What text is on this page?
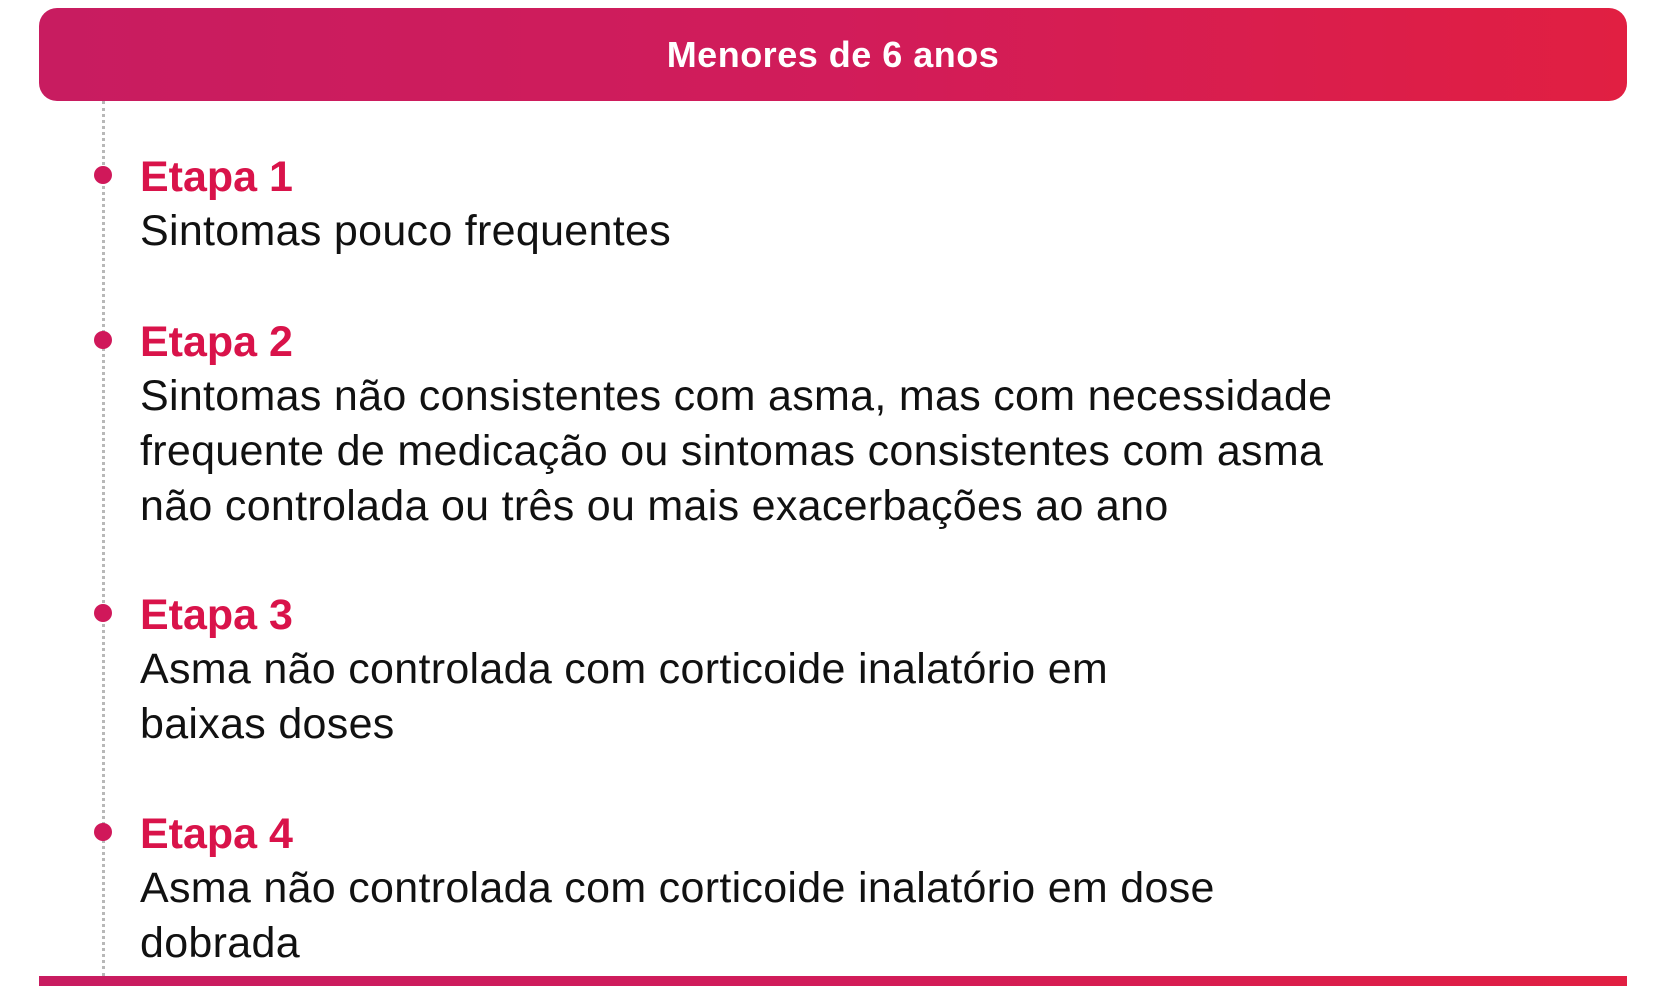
Menores de 6 anos

Etapa 1

Sintomas pouco frequentes

Etapa 2

Sintomas não consistentes com asma, mas com necessidade

frequente de medicação ou sintomas consistentes com asma

não controlada ou três ou mais exacerbações ao ano

Etapa 3

Asma não controlada com corticoide inalatório em

baixas doses

Etapa 4

Asma não controlada com corticoide inalatório em dose

dobrada
